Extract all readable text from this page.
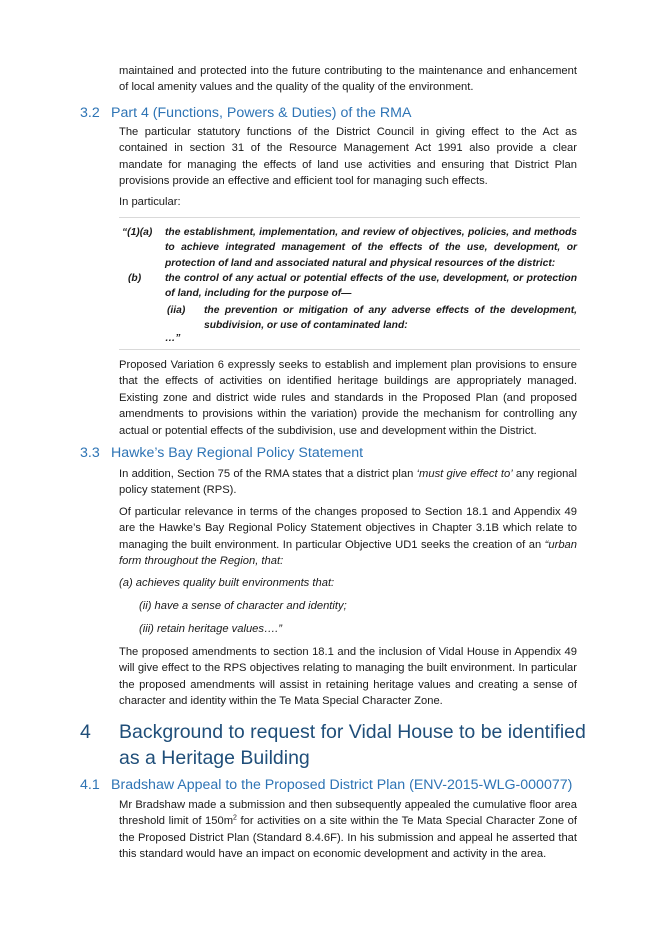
maintained and protected into the future contributing to the maintenance and enhancement of local amenity values and the quality of the quality of the environment.

3.2 Part 4 (Functions, Powers & Duties) of the RMA

The particular statutory functions of the District Council in giving effect to the Act as contained in section 31 of the Resource Management Act 1991 also provide a clear mandate for managing the effects of land use activities and ensuring that District Plan provisions provide an effective and efficient tool for managing such effects.

In particular:

“(1)(a) the establishment, implementation, and review of objectives, policies, and methods to achieve integrated management of the effects of the use, development, or protection of land and associated natural and physical resources of the district:

(b) the control of any actual or potential effects of the use, development, or protection of land, including for the purpose of—

(iia) the prevention or mitigation of any adverse effects of the development, subdivision, or use of contaminated land:

…”

Proposed Variation 6 expressly seeks to establish and implement plan provisions to ensure that the effects of activities on identified heritage buildings are appropriately managed. Existing zone and district wide rules and standards in the Proposed Plan (and proposed amendments to provisions within the variation) provide the mechanism for controlling any actual or potential effects of the subdivision, use and development within the District.

3.3 Hawke’s Bay Regional Policy Statement

In addition, Section 75 of the RMA states that a district plan ‘must give effect to’ any regional policy statement (RPS).

Of particular relevance in terms of the changes proposed to Section 18.1 and Appendix 49 are the Hawke’s Bay Regional Policy Statement objectives in Chapter 3.1B which relate to managing the built environment. In particular Objective UD1 seeks the creation of an “urban form throughout the Region, that:

(a) achieves quality built environments that:

(ii) have a sense of character and identity;

(iii) retain heritage values….”

The proposed amendments to section 18.1 and the inclusion of Vidal House in Appendix 49 will give effect to the RPS objectives relating to managing the built environment. In particular the proposed amendments will assist in retaining heritage values and creating a sense of character and identity within the Te Mata Special Character Zone.

4 Background to request for Vidal House to be identified as a Heritage Building
4.1 Bradshaw Appeal to the Proposed District Plan (ENV-2015-WLG-000077)

Mr Bradshaw made a submission and then subsequently appealed the cumulative floor area threshold limit of $150m^2$ for activities on a site within the Te Mata Special Character Zone of the Proposed District Plan (Standard 8.4.6F). In his submission and appeal he asserted that this standard would have an impact on economic development and activity in the area.
